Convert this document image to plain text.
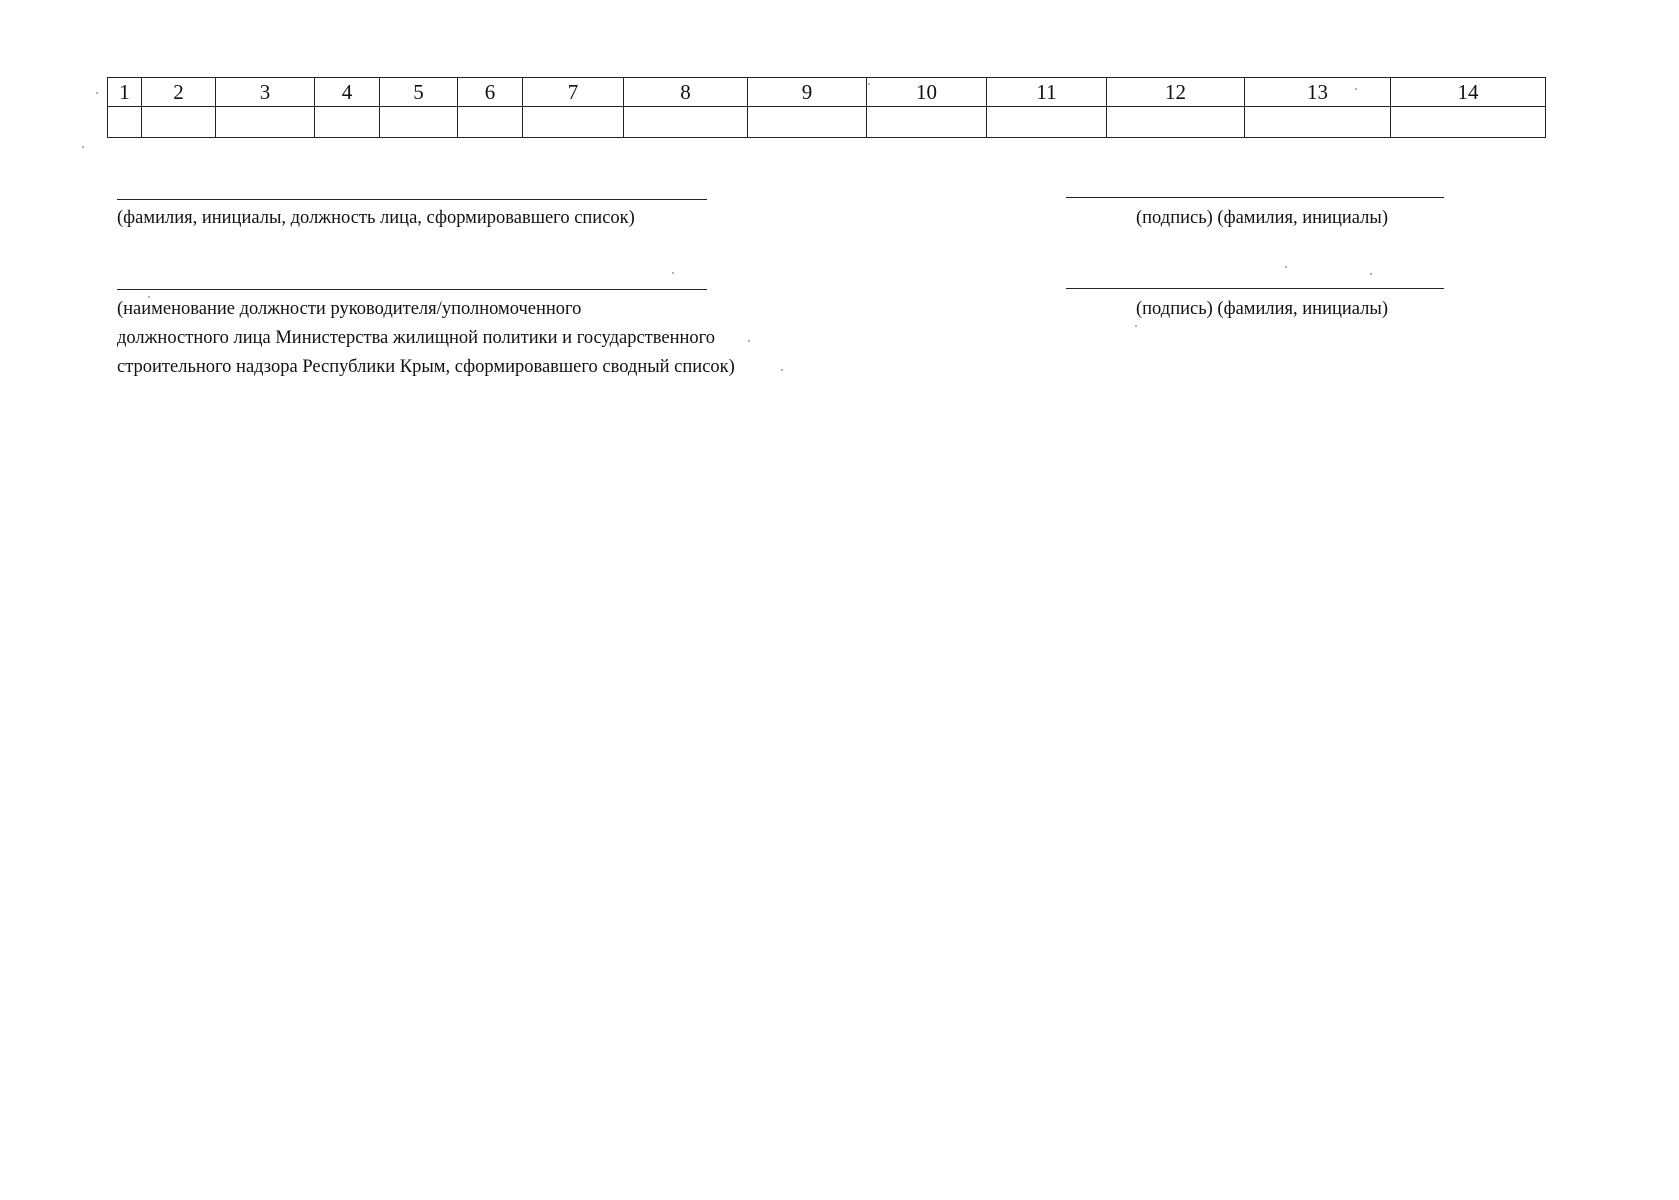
1	2	3	4	5	6	7	8	9	10	11	12	13	14

(фамилия, инициалы, должность лица, сформировавшего список)	(подпись) (фамилия, инициалы)
(наименование должности руководителя/уполномоченного
должностного лица Министерства жилищной политики и государственного
строительного надзора Республики Крым, сформировавшего сводный список)
(подпись) (фамилия, инициалы)
